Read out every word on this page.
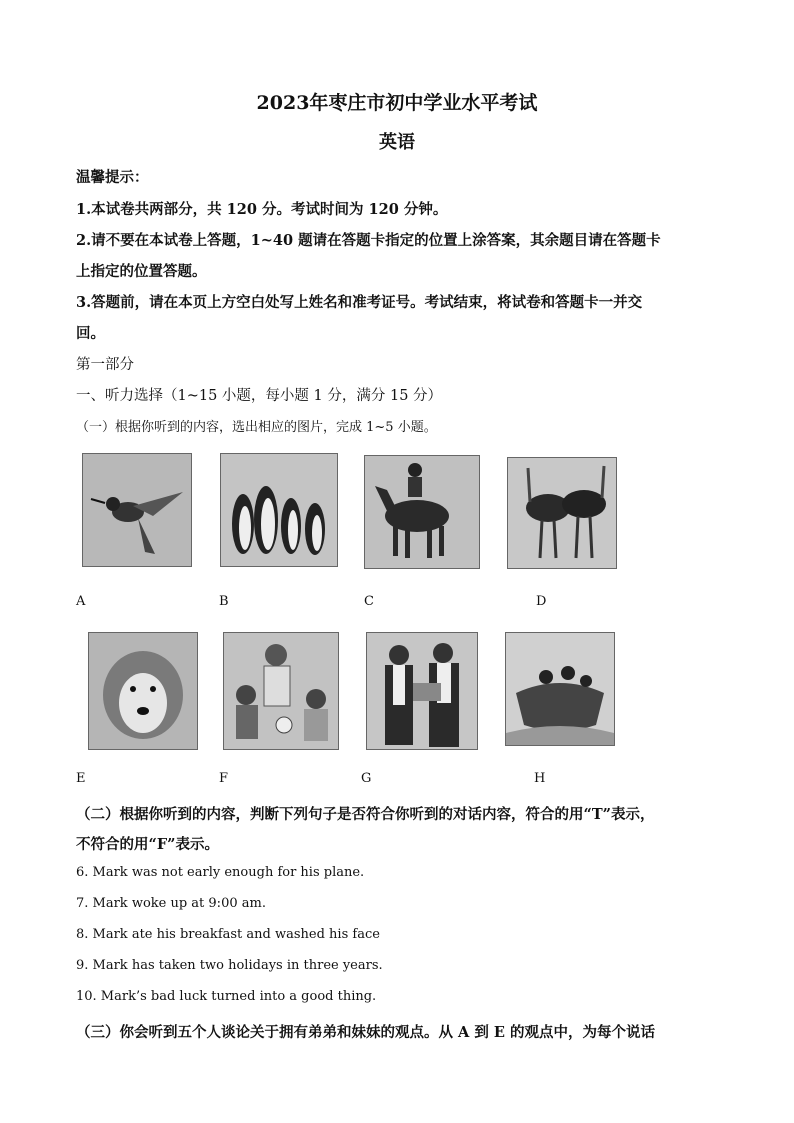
2023年枣庄市初中学业水平考试
英语
温馨提示：
1.本试卷共两部分，共 120 分。考试时间为 120 分钟。
2.请不要在本试卷上答题，1~40 题请在答题卡指定的位置上涂答案，其余题目请在答题卡
上指定的位置答题。
3.答题前，请在本页上方空白处写上姓名和准考证号。考试结束，将试卷和答题卡一并交
回。
第一部分
一、听力选择（1~15 小题，每小题 1 分，满分 15 分）
（一）根据你听到的内容，选出相应的图片，完成 1~5 小题。
A	B	C	D
E	F	G	H
（二）根据你听到的内容，判断下列句子是否符合你听到的对话内容，符合的用“T”表示，
不符合的用“F”表示。
6. Mark was not early enough for his plane.
7. Mark woke up at 9:00 am.
8. Mark ate his breakfast and washed his face
9. Mark has taken two holidays in three years.
10. Mark’s bad luck turned into a good thing.
（三）你会听到五个人谈论关于拥有弟弟和妹妹的观点。从 A 到 E 的观点中，为每个说话
